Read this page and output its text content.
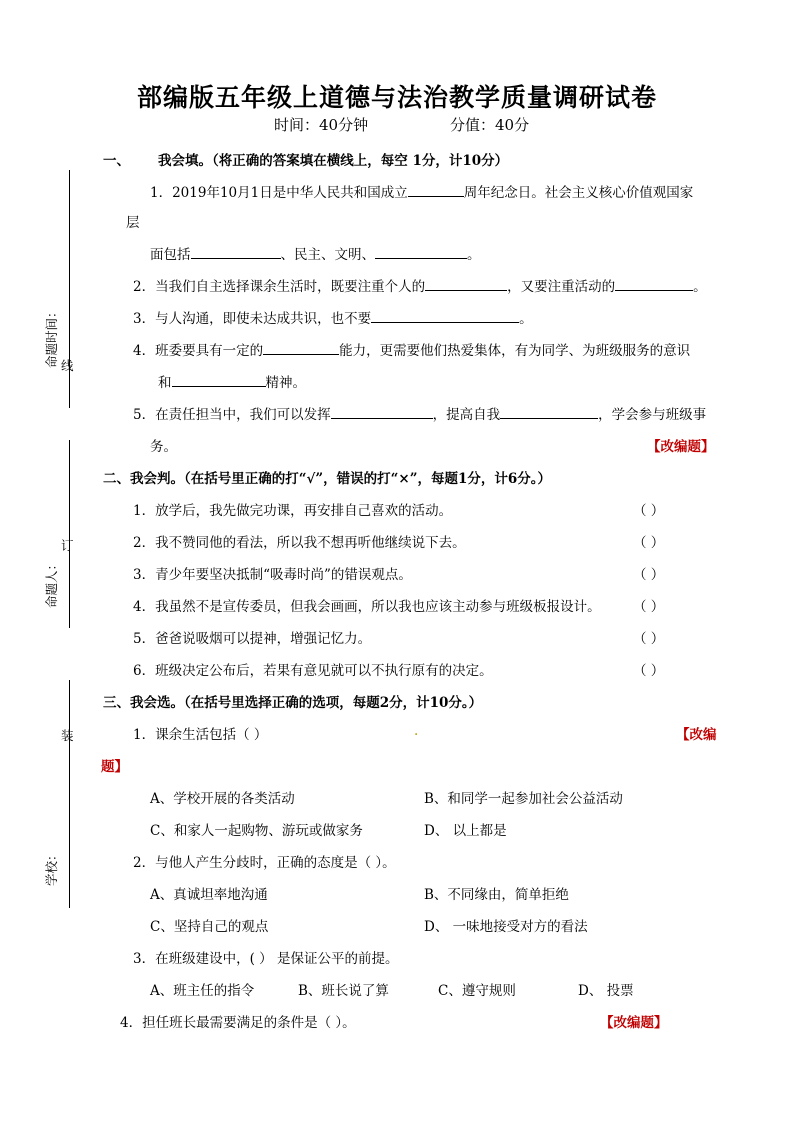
部编版五年级上道德与法治教学质量调研试卷
时间：40分钟	分值：40分
命题时间：
命题人：
学校：
线
订
装
一、 我会填。（将正确的答案填在横线上，每空 1分，计10分）
1．2019年10月1日是中华人民共和国成立	周年纪念日。社会主义核心价值观国家
层
面包括	、民主、文明、	。
2．当我们自主选择课余生活时，既要注重个人的	，又要注重活动的	。
3．与人沟通，即使未达成共识，也不要	。
4．班委要具有一定的	能力，更需要他们热爱集体，有为同学、为班级服务的意识
和	精神。
5．在责任担当中，我们可以发挥	，提高自我	，学会参与班级事
务。	【改编题】
二、我会判。（在括号里正确的打“√”，错误的打“×”，每题1分，计6分。）
1．放学后，我先做完功课，再安排自己喜欢的活动。	（ ）
2．我不赞同他的看法，所以我不想再听他继续说下去。	（ ）
3．青少年要坚决抵制“吸毒时尚”的错误观点。	（ ）
4．我虽然不是宣传委员，但我会画画，所以我也应该主动参与班级板报设计。 （ ）
5．爸爸说吸烟可以提神，增强记忆力。	（ ）
6．班级决定公布后，若果有意见就可以不执行原有的决定。	（ ）
三、我会选。（在括号里选择正确的选项，每题2分，计10分。）
1．课余生活包括（ ）	.	【改编
题】
A、学校开展的各类活动	B、和同学一起参加社会公益活动
C、和家人一起购物、游玩或做家务	D、 以上都是
2．与他人产生分歧时，正确的态度是（ ）。
A、真诚坦率地沟通	B、不同缘由，简单拒绝
C、坚持自己的观点	D、 一味地接受对方的看法
3．在班级建设中，( ） 是保证公平的前提。
A、班主任的指令	B、班长说了算	C、遵守规则	D、 投票
4．担任班长最需要满足的条件是（ ）。	【改编题】
